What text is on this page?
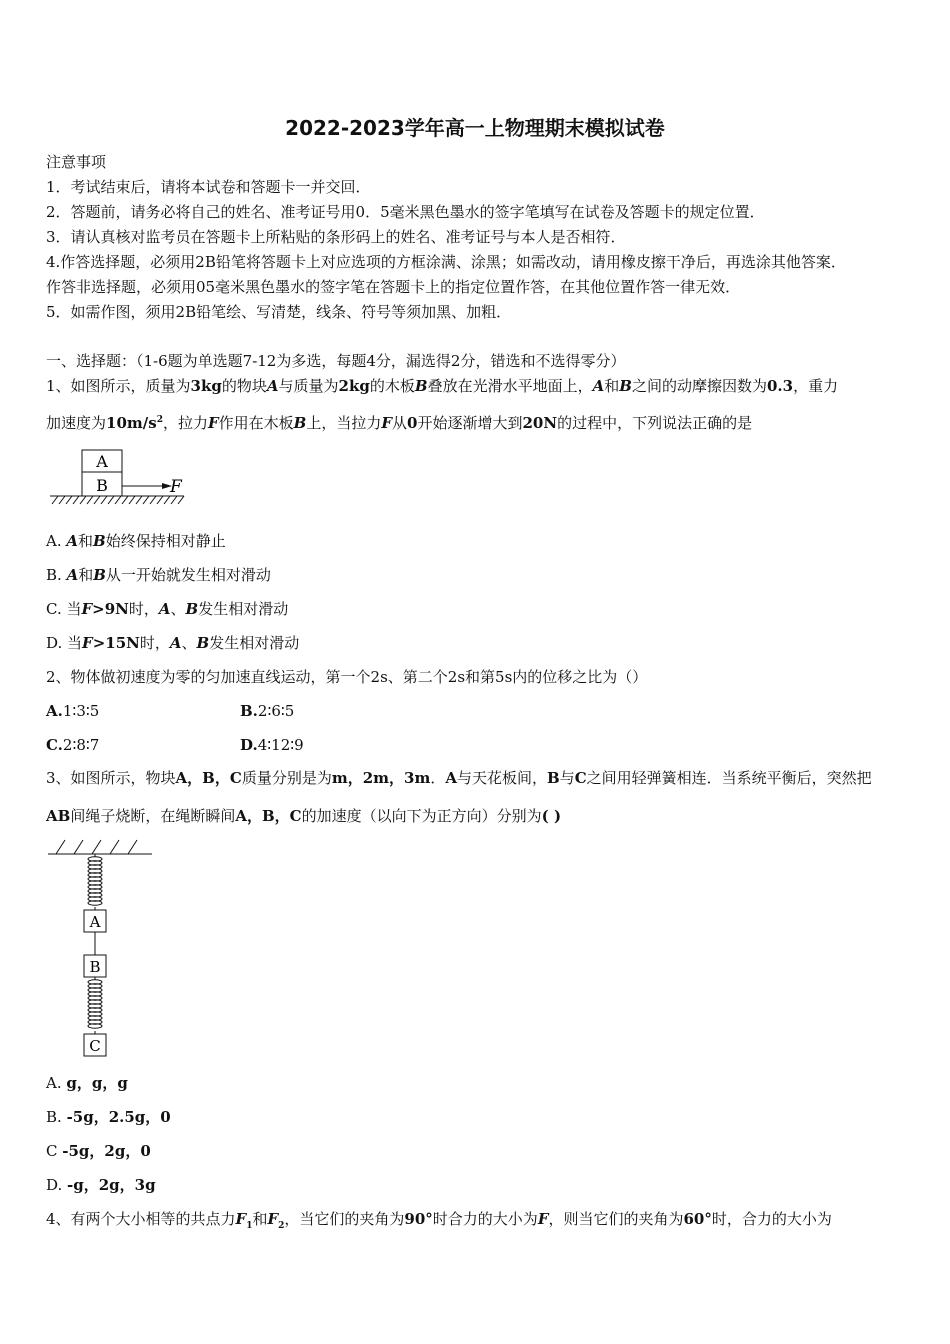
2022-2023学年高一上物理期末模拟试卷
注意事项
1．考试结束后，请将本试卷和答题卡一并交回．
2．答题前，请务必将自己的姓名、准考证号用0．5毫米黑色墨水的签字笔填写在试卷及答题卡的规定位置．
3．请认真核对监考员在答题卡上所粘贴的条形码上的姓名、准考证号与本人是否相符．
4.作答选择题，必须用2B铅笔将答题卡上对应选项的方框涂满、涂黑；如需改动，请用橡皮擦干净后，再选涂其他答案．
作答非选择题，必须用05毫米黑色墨水的签字笔在答题卡上的指定位置作答，在其他位置作答一律无效．
5．如需作图，须用2B铅笔绘、写清楚，线条、符号等须加黑、加粗．
一、选择题：（1-6题为单选题7-12为多选，每题4分，漏选得2分，错选和不选得零分）
1、如图所示，质量为3kg的物块A与质量为2kg的木板B叠放在光滑水平地面上，A和B之间的动摩擦因数为0.3，重力
加速度为$10m/s^2$，拉力F作用在木板B上，当拉力F从0开始逐渐增大到20N的过程中，下列说法正确的是
A
B	F
A. A和B始终保持相对静止
B. A和B从一开始就发生相对滑动
C. 当F>9N时，A、B发生相对滑动
D. 当F>15N时，A、B发生相对滑动
2、物体做初速度为零的匀加速直线运动，第一个2s、第二个2s和第5s内的位移之比为（）
A.1∶3∶5	B.2∶6∶5
C.2∶8∶7	D.4∶12∶9
3、如图所示，物块A，B，C质量分别是为m，2m，3m．A与天花板间，B与C之间用轻弹簧相连．当系统平衡后，突然把
AB间绳子烧断，在绳断瞬间A，B，C的加速度（以向下为正方向）分别为( )
A
B
C
A. g，g，g
B. -5g，2.5g，0
C -5g，2g，0
D. -g，2g，3g
4、有两个大小相等的共点力$F_1$和$F_2$，当它们的夹角为90°时合力的大小为F，则当它们的夹角为60°时，合力的大小为
